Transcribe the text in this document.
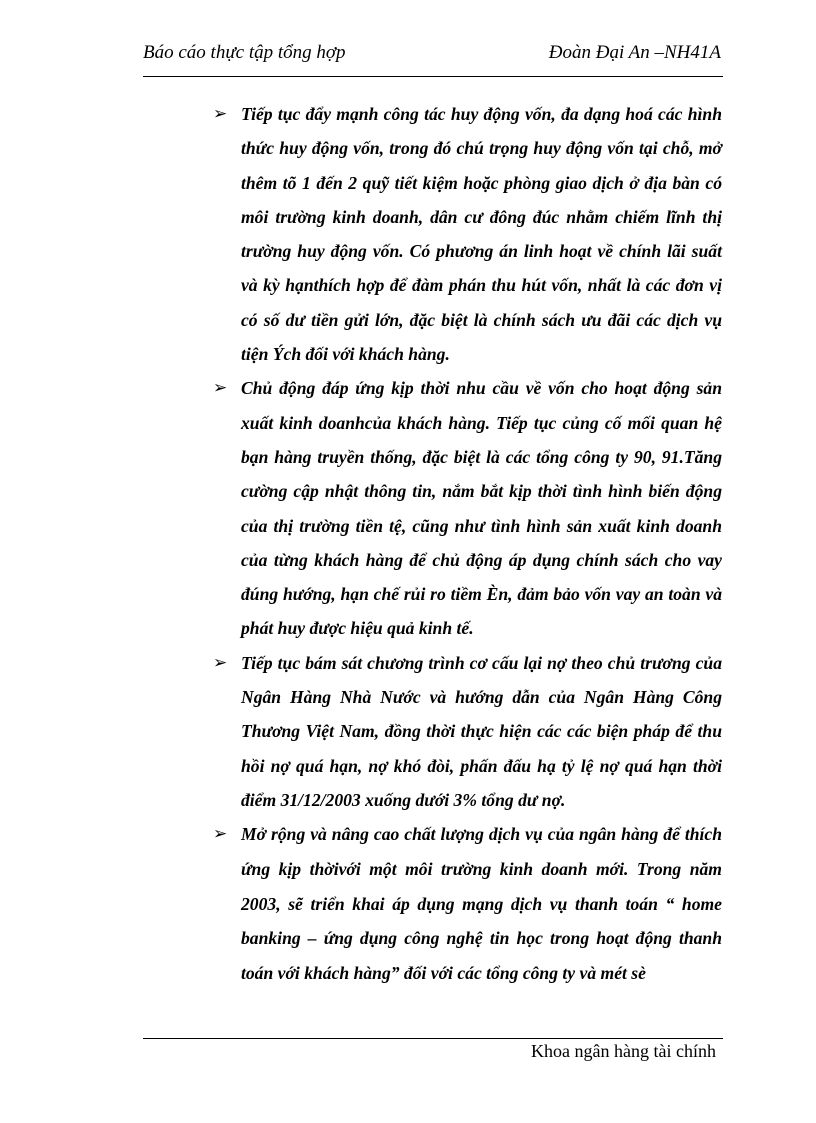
Báo cáo thực tập tổng hợp	Đoàn Đại An –NH41A
➢ Tiếp tục đẩy mạnh công tác huy động vốn, đa dạng hoá các hình thức huy động vốn, trong đó chú trọng huy động vốn tại chỗ, mở thêm tõ 1 đến 2 quỹ tiết kiệm hoặc phòng giao dịch ở địa bàn có môi trường kinh doanh, dân cư đông đúc nhằm chiếm lĩnh thị trường huy động vốn. Có phương án linh hoạt về chính lãi suất và kỳ hạnthích hợp để đàm phán thu hút vốn, nhất là các đơn vị có số dư tiền gửi lớn, đặc biệt là chính sách ưu đãi các dịch vụ tiện Ých đối với khách hàng.
➢ Chủ động đáp ứng kịp thời nhu cầu về vốn cho hoạt động sản xuất kinh doanhcủa khách hàng. Tiếp tục củng cố mối quan hệ bạn hàng truyền thống, đặc biệt là các tổng công ty 90, 91.Tăng cường cập nhật thông tin, nắm bắt kịp thời tình hình biến động của thị trường tiền tệ, cũng như tình hình sản xuất kinh doanh của từng khách hàng để chủ động áp dụng chính sách cho vay đúng hướng, hạn chế rủi ro tiềm Èn, đảm bảo vốn vay an toàn và phát huy được hiệu quả kinh tế.
➢ Tiếp tục bám sát chương trình cơ cấu lại nợ theo chủ trương của Ngân Hàng Nhà Nước và hướng dẫn của Ngân Hàng Công Thương Việt Nam, đồng thời thực hiện các các biện pháp để thu hồi nợ quá hạn, nợ khó đòi, phấn đấu hạ tỷ lệ nợ quá hạn thời điểm 31/12/2003 xuống dưới 3% tổng dư nợ.
➢ Mở rộng và nâng cao chất lượng dịch vụ của ngân hàng để thích ứng kịp thờivới một môi trường kinh doanh mới. Trong năm 2003, sẽ triển khai áp dụng mạng dịch vụ thanh toán “ home banking – ứng dụng công nghệ tin học trong hoạt động thanh toán với khách hàng” đối với các tổng công ty và mét sè
Khoa ngân hàng tài chính
